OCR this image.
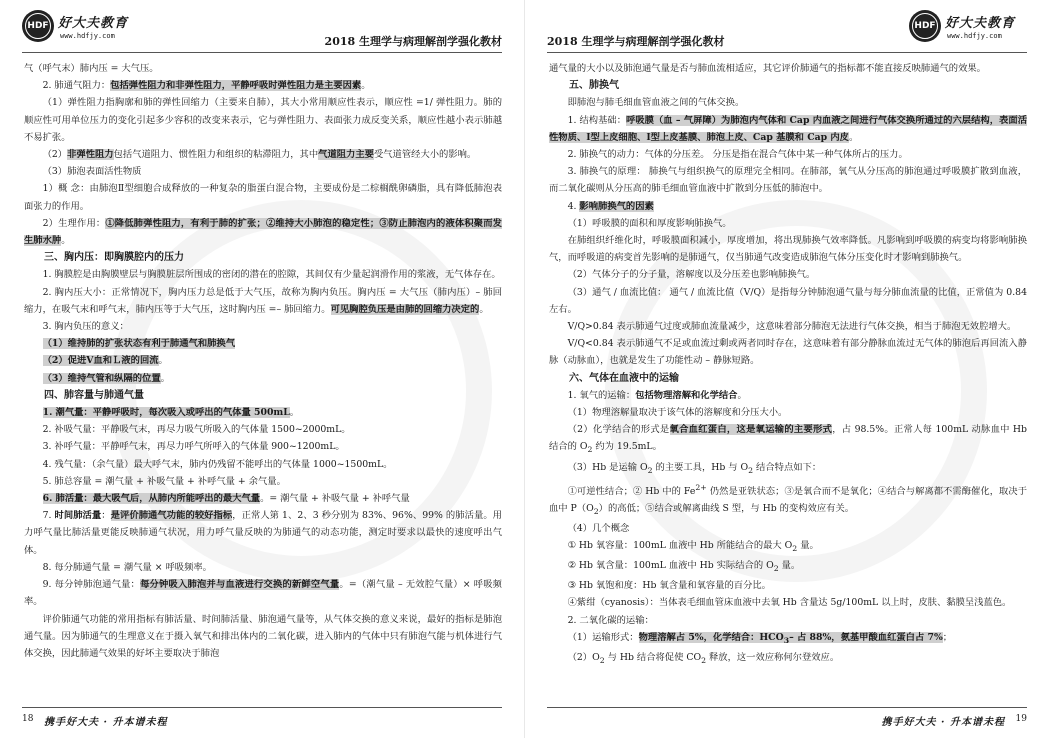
HDF 好大夫教育
www.hdfjy.com	2018 生理学与病理解剖学强化教材

气（呼气末）肺内压 = 大气压。

2. 肺通气阻力：包括弹性阻力和非弹性阻力，平静呼吸时弹性阻力是主要因素。

（1）弹性阻力指胸廓和肺的弹性回缩力（主要来自肺），其大小常用顺应性表示，顺应性 =1/ 弹性阻力。肺的顺应性可用单位压力的变化引起多少容积的改变来表示，它与弹性阻力、表面张力成反变关系，顺应性越小表示肺越不易扩张。

（2）非弹性阻力包括气道阻力、惯性阻力和组织的粘滞阻力，其中气道阻力主要受气道管经大小的影响。

（3）肺泡表面活性物质

1）概 念：由肺泡Ⅱ型细胞合成释放的一种复杂的脂蛋白混合物，主要成份是二棕榈酰卵磷脂，具有降低肺泡表面张力的作用。

2）生理作用：①降低肺弹性阻力，有利于肺的扩张；②维持大小肺泡的稳定性；③防止肺泡内的液体积聚而发生肺水肿。

三、胸内压：即胸膜腔内的压力

1. 胸膜腔是由胸膜壁层与胸膜脏层所围成的密闭的潜在的腔隙，其间仅有少量起润滑作用的浆液，无气体存在。

2. 胸内压大小：正常情况下，胸内压力总是低于大气压，故称为胸内负压。胸内压 = 大气压（肺内压）– 肺回缩力，在吸气末和呼气末，肺内压等于大气压，这时胸内压 =– 肺回缩力。可见胸腔负压是由肺的回缩力决定的。

3. 胸内负压的意义：

（1）维持肺的扩张状态有利于肺通气和肺换气

（2）促进Ⅴ血和Ｌ液的回流。

（3）维持气管和纵隔的位置。

四、肺容量与肺通气量

1. 潮气量：平静呼吸时，每次吸入或呼出的气体量 500mL。

2. 补吸气量：平静吸气末，再尽力吸气所吸入的气体量 1500~2000mL。

3. 补呼气量：平静呼气末，再尽力呼气所呼入的气体量 900~1200mL。

4. 残气量：（余气量）最大呼气末，肺内仍残留不能呼出的气体量 1000~1500mL。

5. 肺总容量 = 潮气量 + 补吸气量 + 补呼气量 + 余气量。

6. 肺活量：最大吸气后，从肺内所能呼出的最大气量。= 潮气量 + 补吸气量 + 补呼气量

7. 时间肺活量：是评价肺通气功能的较好指标，正常人第 1、2、3 秒分别为 83%、96%、99% 的肺活量。用力呼气量比肺活量更能反映肺通气状况，用力呼气量反映的为肺通气的动态功能，测定时要求以最快的速度呼出气体。

8. 每分肺通气量 = 潮气量 × 呼吸频率。

9. 每分钟肺泡通气量：每分钟吸入肺泡并与血液进行交换的新鲜空气量。=（潮气量 – 无效腔气量）× 呼吸频率。

评价肺通气功能的常用指标有肺活量、时间肺活量、肺泡通气量等，从气体交换的意义来说，最好的指标是肺泡通气量。因为肺通气的生理意义在于摄入氧气和排出体内的二氧化碳，进入肺内的气体中只有肺泡气能与机体进行气体交换，因此肺通气效果的好坏主要取决于肺泡

18 携手好大夫 · 升本谱未程
2018 生理学与病理解剖学强化教材
HDF 好大夫教育
www.hdfjy.com

通气量的大小以及肺泡通气量是否与肺血流相适应，其它评价肺通气的指标都不能直接反映肺通气的效果。

五、肺换气

即肺泡与肺毛细血管血液之间的气体交换。

1. 结构基础：呼吸膜（血 – 气屏障）为肺泡内气体和 Cap 内血液之间进行气体交换所通过的六层结构，表面活性物质、Ⅰ型上皮细胞、Ⅰ型上皮基膜、肺泡上皮、Cap 基膜和 Cap 内皮。

2. 肺换气的动力：气体的分压差。 分压是指在混合气体中某一种气体所占的压力。

3. 肺换气的原理： 肺换气与组织换气的原理完全相同。在肺部，氧气从分压高的肺泡通过呼吸膜扩散到血液，而二氧化碳则从分压高的肺毛细血管血液中扩散到分压低的肺泡中。

4. 影响肺换气的因素

（1）呼吸膜的面积和厚度影响肺换气。

在肺组织纤维化时，呼吸膜面积减小，厚度增加，将出现肺换气效率降低。凡影响到呼吸膜的病变均将影响肺换气，而呼吸道的病变首先影响的是肺通气，仅当肺通气改变造成肺泡气体分压变化时才影响到肺换气。

（2）气体分子的分子量，溶解度以及分压差也影响肺换气。

（3）通气 / 血流比值： 通气 / 血流比值（V/Q）是指每分钟肺泡通气量与每分肺血流量的比值，正常值为 0.84 左右。

V/Q>0.84 表示肺通气过度或肺血流量减少，这意味着部分肺泡无法进行气体交换，相当于肺泡无效腔增大。

V/Q<0.84 表示肺通气不足或血流过剩或两者同时存在，这意味着有部分静脉血流过无气体的肺泡后再回流入静脉（动脉血），也就是发生了功能性动 – 静脉短路。

六、气体在血液中的运输

1. 氧气的运输：包括物理溶解和化学结合。

（1）物理溶解量取决于该气体的溶解度和分压大小。

（2）化学结合的形式是氧合血红蛋白，这是氧运输的主要形式，占 98.5%。正常人每 100mL 动脉血中 Hb 结合的 $O_2$ 约为 19.5mL。

（3）Hb 是运输 $O_2$ 的主要工具，Hb 与 $O_2$ 结合特点如下：

①可逆性结合；② Hb 中的 $Fe^{2+}$ 仍然是亚铁状态；③是氧合而不是氧化；④结合与解离都不需酶催化，取决于血中 $P(O_2)$的高低；⑤结合或解离曲线 S 型，与 Hb 的变构效应有关。

（4）几个概念

① Hb 氧容量：100mL 血液中 Hb 所能结合的最大 $O_2$ 量。

② Hb 氧含量：100mL 血液中 Hb 实际结合的 $O_2$ 量。

③ Hb 氧饱和度：Hb 氧含量和氧容量的百分比。

④紫绀（cyanosis）：当体表毛细血管床血液中去氧 Hb 含量达 5g/100mL 以上时，皮肤、黏膜呈浅蓝色。

2. 二氧化碳的运输：

（1）运输形式：物理溶解占 5%，化学结合：$HCO_3-$ 占 88%，氨基甲酸血红蛋白占 7%；

$(2)O_2$ 与 Hb 结合将促使 $CO_2$ 释放，这一效应称何尔登效应。

携手好大夫 · 升本谱未程 19
